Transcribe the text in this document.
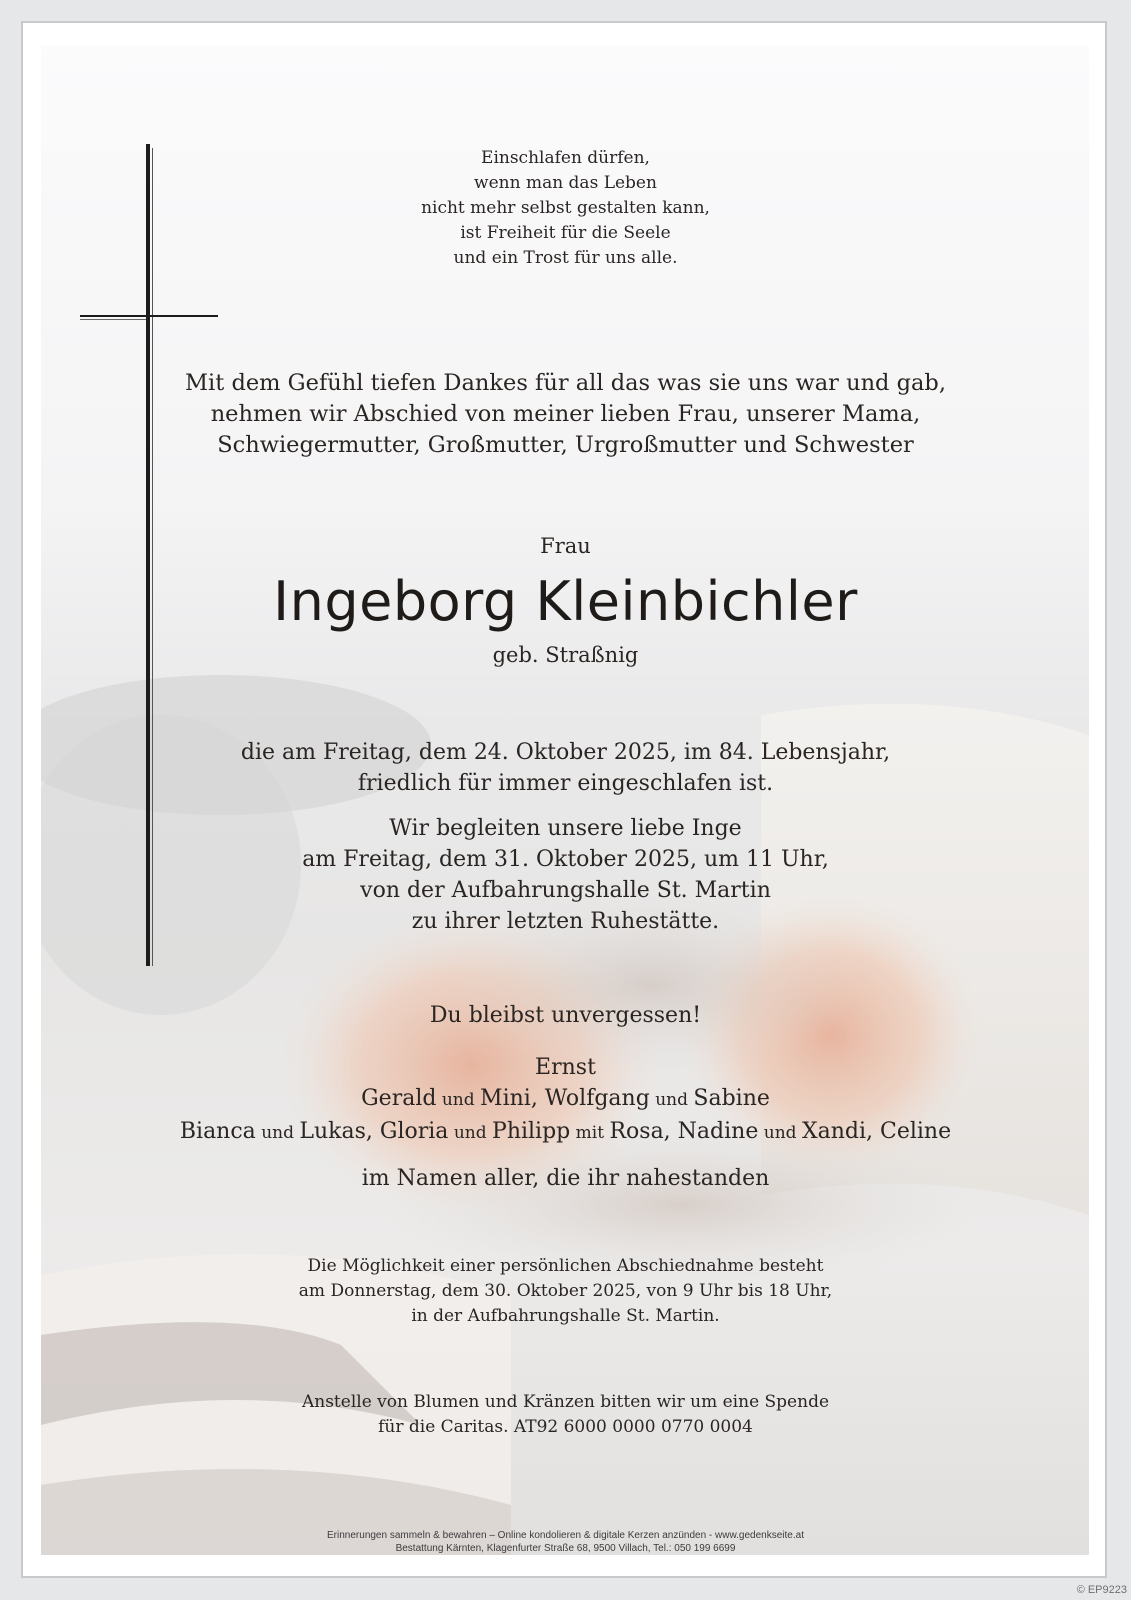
Einschlafen dürfen,
wenn man das Leben
nicht mehr selbst gestalten kann,
ist Freiheit für die Seele
und ein Trost für uns alle.
Mit dem Gefühl tiefen Dankes für all das was sie uns war und gab,
nehmen wir Abschied von meiner lieben Frau, unserer Mama,
Schwiegermutter, Großmutter, Urgroßmutter und Schwester
Frau
Ingeborg Kleinbichler
geb. Straßnig
die am Freitag, dem 24. Oktober 2025, im 84. Lebensjahr,
friedlich für immer eingeschlafen ist.
Wir begleiten unsere liebe Inge
am Freitag, dem 31. Oktober 2025, um 11 Uhr,
von der Aufbahrungshalle St. Martin
zu ihrer letzten Ruhestätte.
Du bleibst unvergessen!
Ernst
Gerald und Mini, Wolfgang und Sabine
Bianca und Lukas, Gloria und Philipp mit Rosa, Nadine und Xandi, Celine
im Namen aller, die ihr nahestanden
Die Möglichkeit einer persönlichen Abschiednahme besteht
am Donnerstag, dem 30. Oktober 2025, von 9 Uhr bis 18 Uhr,
in der Aufbahrungshalle St. Martin.
Anstelle von Blumen und Kränzen bitten wir um eine Spende
für die Caritas. AT92 6000 0000 0770 0004
Erinnerungen sammeln & bewahren – Online kondolieren & digitale Kerzen anzünden - www.gedenkseite.at
Bestattung Kärnten, Klagenfurter Straße 68, 9500 Villach, Tel.: 050 199 6699
© EP9223
